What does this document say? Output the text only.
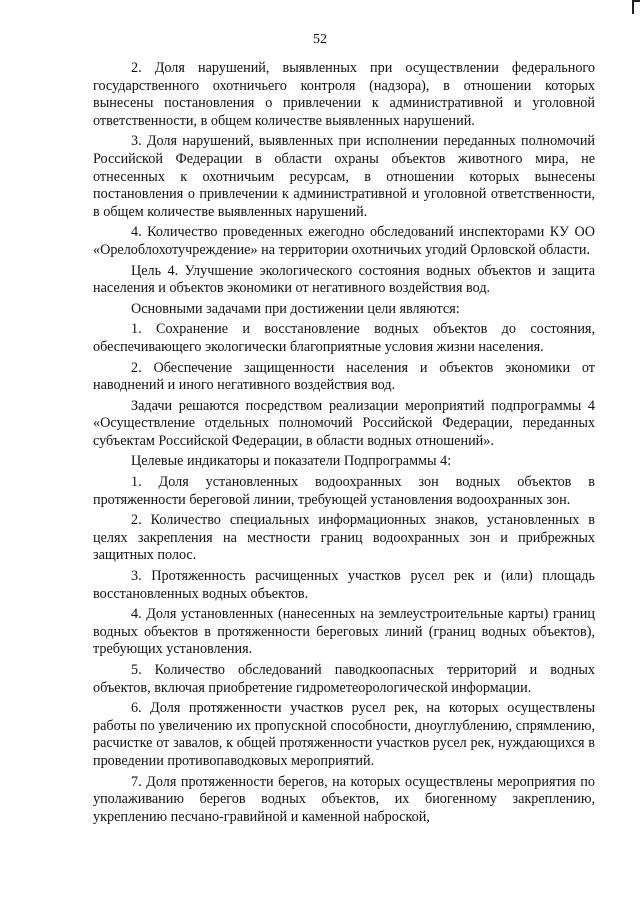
52

2. Доля нарушений, выявленных при осуществлении федерального государственного охотничьего контроля (надзора), в отношении которых вынесены постановления о привлечении к административной и уголовной ответственности, в общем количестве выявленных нарушений.

3. Доля нарушений, выявленных при исполнении переданных полномочий Российской Федерации в области охраны объектов животного мира, не отнесенных к охотничьим ресурсам, в отношении которых вынесены постановления о привлечении к административной и уголовной ответственности, в общем количестве выявленных нарушений.

4. Количество проведенных ежегодно обследований инспекторами КУ ОО «Орелоблохотучреждение» на территории охотничьих угодий Орловской области.

Цель 4. Улучшение экологического состояния водных объектов и защита населения и объектов экономики от негативного воздействия вод.

Основными задачами при достижении цели являются:

1. Сохранение и восстановление водных объектов до состояния, обеспечивающего экологически благоприятные условия жизни населения.

2. Обеспечение защищенности населения и объектов экономики от наводнений и иного негативного воздействия вод.

Задачи решаются посредством реализации мероприятий подпрограммы 4 «Осуществление отдельных полномочий Российской Федерации, переданных субъектам Российской Федерации, в области водных отношений».

Целевые индикаторы и показатели Подпрограммы 4:

1. Доля установленных водоохранных зон водных объектов в протяженности береговой линии, требующей установления водоохранных зон.

2. Количество специальных информационных знаков, установленных в целях закрепления на местности границ водоохранных зон и прибрежных защитных полос.

3. Протяженность расчищенных участков русел рек и (или) площадь восстановленных водных объектов.

4. Доля установленных (нанесенных на землеустроительные карты) границ водных объектов в протяженности береговых линий (границ водных объектов), требующих установления.

5. Количество обследований паводкоопасных территорий и водных объектов, включая приобретение гидрометеорологической информации.

6. Доля протяженности участков русел рек, на которых осуществлены работы по увеличению их пропускной способности, дноуглублению, спрямлению, расчистке от завалов, к общей протяженности участков русел рек, нуждающихся в проведении противопаводковых мероприятий.

7. Доля протяженности берегов, на которых осуществлены мероприятия по уполаживанию берегов водных объектов, их биогенному закреплению, укреплению песчано-гравийной и каменной наброской,
